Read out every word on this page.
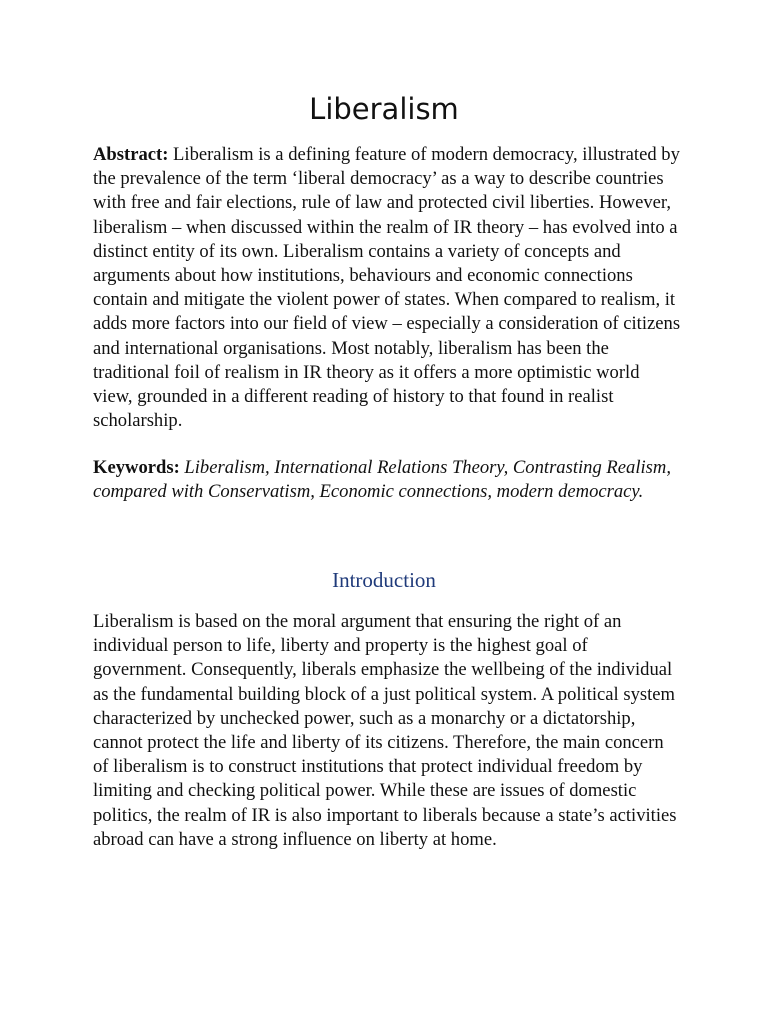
Liberalism
Abstract: Liberalism is a defining feature of modern democracy, illustrated by the prevalence of the term ‘liberal democracy’ as a way to describe countries with free and fair elections, rule of law and protected civil liberties. However, liberalism – when discussed within the realm of IR theory – has evolved into a distinct entity of its own. Liberalism contains a variety of concepts and arguments about how institutions, behaviours and economic connections contain and mitigate the violent power of states. When compared to realism, it adds more factors into our field of view – especially a consideration of citizens and international organisations. Most notably, liberalism has been the traditional foil of realism in IR theory as it offers a more optimistic world view, grounded in a different reading of history to that found in realist scholarship.
Keywords: Liberalism, International Relations Theory, Contrasting Realism, compared with Conservatism, Economic connections, modern democracy.
Introduction
Liberalism is based on the moral argument that ensuring the right of an individual person to life, liberty and property is the highest goal of government. Consequently, liberals emphasize the wellbeing of the individual as the fundamental building block of a just political system. A political system characterized by unchecked power, such as a monarchy or a dictatorship, cannot protect the life and liberty of its citizens. Therefore, the main concern of liberalism is to construct institutions that protect individual freedom by limiting and checking political power. While these are issues of domestic politics, the realm of IR is also important to liberals because a state’s activities abroad can have a strong influence on liberty at home.
